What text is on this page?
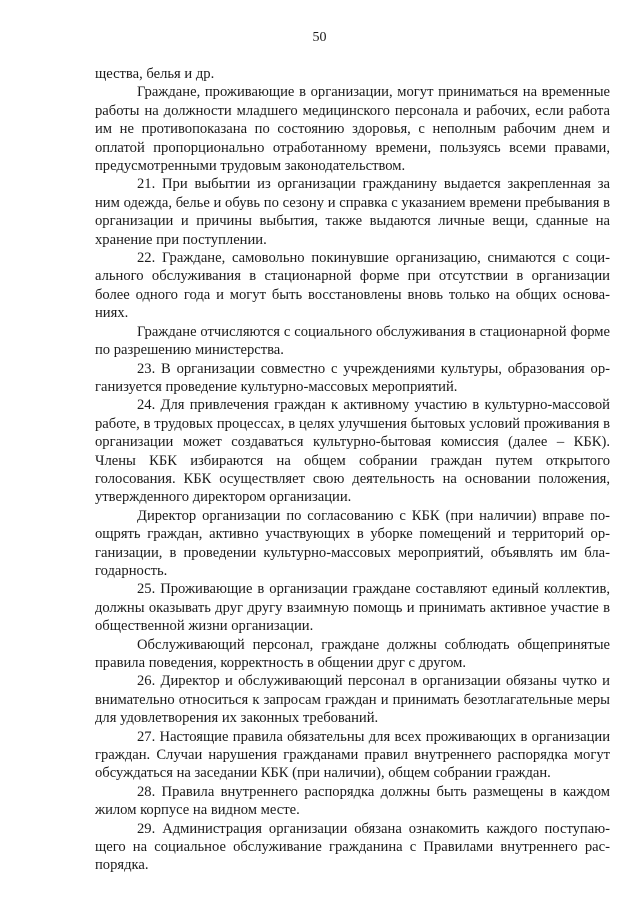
50

щества, белья и др.

Граждане, проживающие в организации, могут приниматься на временные работы на должности младшего медицинского персонала и рабочих, если работа им не противопоказана по состоянию здоровья, с неполным рабочим днем и оплатой пропорционально отработанному времени, пользуясь всеми правами, предусмотренными трудовым законодательством.

21. При выбытии из организации гражданину выдается закрепленная за ним одежда, белье и обувь по сезону и справка с указанием времени пребывания в организации и причины выбытия, также выдаются личные вещи, сданные на хранение при поступлении.

22. Граждане, самовольно покинувшие организацию, снимаются с социального обслуживания в стационарной форме при отсутствии в организации более одного года и могут быть восстановлены вновь только на общих основаниях.

Граждане отчисляются с социального обслуживания в стационарной форме по разрешению министерства.

23. В организации совместно с учреждениями культуры, образования организуется проведение культурно-массовых мероприятий.

24. Для привлечения граждан к активному участию в культурно-массовой работе, в трудовых процессах, в целях улучшения бытовых условий проживания в организации может создаваться культурно-бытовая комиссия (далее – КБК). Члены КБК избираются на общем собрании граждан путем открытого голосования. КБК осуществляет свою деятельность на основании положения, утвержденного директором организации.

Директор организации по согласованию с КБК (при наличии) вправе поощрять граждан, активно участвующих в уборке помещений и территорий организации, в проведении культурно-массовых мероприятий, объявлять им благодарность.

25. Проживающие в организации граждане составляют единый коллектив, должны оказывать друг другу взаимную помощь и принимать активное участие в общественной жизни организации.

Обслуживающий персонал, граждане должны соблюдать общепринятые правила поведения, корректность в общении друг с другом.

26. Директор и обслуживающий персонал в организации обязаны чутко и внимательно относиться к запросам граждан и принимать безотлагательные меры для удовлетворения их законных требований.

27. Настоящие правила обязательны для всех проживающих в организации граждан. Случаи нарушения гражданами правил внутреннего распорядка могут обсуждаться на заседании КБК (при наличии), общем собрании граждан.

28. Правила внутреннего распорядка должны быть размещены в каждом жилом корпусе на видном месте.

29. Администрация организации обязана ознакомить каждого поступающего на социальное обслуживание гражданина с Правилами внутреннего распорядка.
